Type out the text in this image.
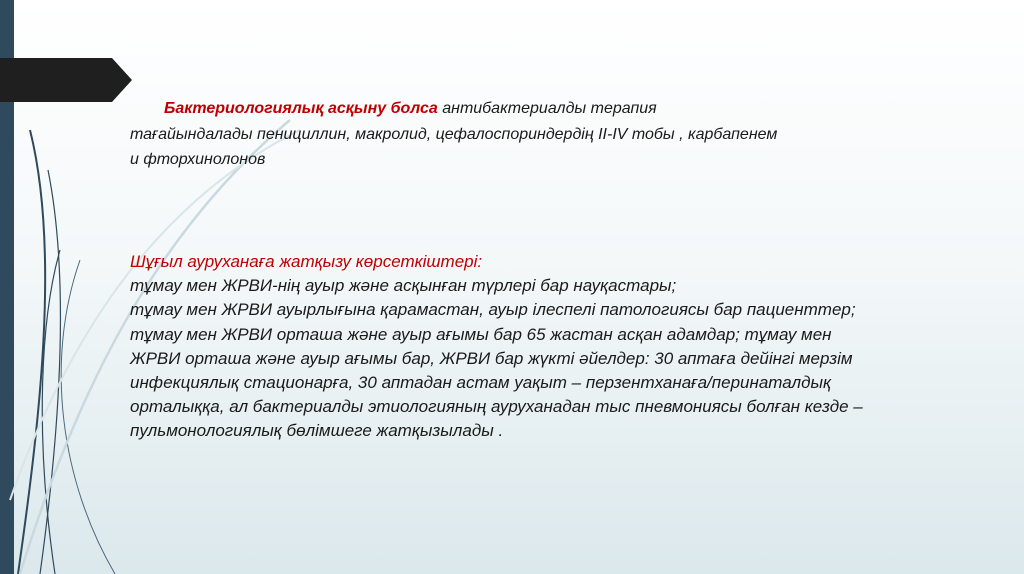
Бактериологиялық асқыну болса антибактериалды терапия
тағайындалады пенициллин, макролид, цефалоспориндердің II-IV тобы , карбапенем
и фторхинолонов
Шұғыл ауруханаға жатқызу көрсеткіштері:
тұмау мен ЖРВИ-нің ауыр және асқынған түрлері бар науқастары;
тұмау мен ЖРВИ ауырлығына қарамастан, ауыр ілеспелі патологиясы бар пациенттер;
тұмау мен ЖРВИ орташа және ауыр ағымы бар 65 жастан асқан адамдар; тұмау мен
ЖРВИ орташа және ауыр ағымы бар, ЖРВИ бар жүкті әйелдер: 30 аптаға дейінгі мерзім
инфекциялық стационарға, 30 аптадан астам уақыт – перзентханаға/перинаталдық
орталыққа, ал бактериалды этиологияның ауруханадан тыс пневмониясы болған кезде –
пульмонологиялық бөлімшеге жатқызылады .
